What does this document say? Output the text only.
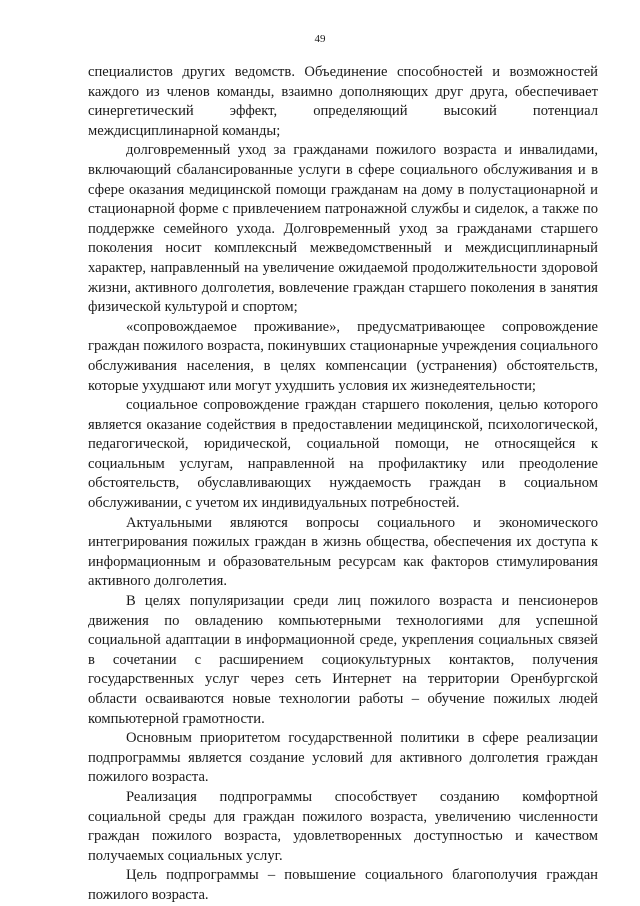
49

специалистов других ведомств. Объединение способностей и возможностей каждого из членов команды, взаимно дополняющих друг друга, обеспечивает синергетический эффект, определяющий высокий потенциал междисциплинарной команды;

долговременный уход за гражданами пожилого возраста и инвалидами, включающий сбалансированные услуги в сфере социального обслуживания и в сфере оказания медицинской помощи гражданам на дому в полустационарной и стационарной форме с привлечением патронажной службы и сиделок, а также по поддержке семейного ухода. Долговременный уход за гражданами старшего поколения носит комплексный межведомственный и междисциплинарный характер, направленный на увеличение ожидаемой продолжительности здоровой жизни, активного долголетия, вовлечение граждан старшего поколения в занятия физической культурой и спортом;

«сопровождаемое проживание», предусматривающее сопровождение граждан пожилого возраста, покинувших стационарные учреждения социального обслуживания населения, в целях компенсации (устранения) обстоятельств, которые ухудшают или могут ухудшить условия их жизнедеятельности;

социальное сопровождение граждан старшего поколения, целью которого является оказание содействия в предоставлении медицинской, психологической, педагогической, юридической, социальной помощи, не относящейся к социальным услугам, направленной на профилактику или преодоление обстоятельств, обуславливающих нуждаемость граждан в социальном обслуживании, с учетом их индивидуальных потребностей.

Актуальными являются вопросы социального и экономического интегрирования пожилых граждан в жизнь общества, обеспечения их доступа к информационным и образовательным ресурсам как факторов стимулирования активного долголетия.

В целях популяризации среди лиц пожилого возраста и пенсионеров движения по овладению компьютерными технологиями для успешной социальной адаптации в информационной среде, укрепления социальных связей в сочетании с расширением социокультурных контактов, получения государственных услуг через сеть Интернет на территории Оренбургской области осваиваются новые технологии работы – обучение пожилых людей компьютерной грамотности.

Основным приоритетом государственной политики в сфере реализации подпрограммы является создание условий для активного долголетия граждан пожилого возраста.

Реализация подпрограммы способствует созданию комфортной социальной среды для граждан пожилого возраста, увеличению численности граждан пожилого возраста, удовлетворенных доступностью и качеством получаемых социальных услуг.

Цель подпрограммы – повышение социального благополучия граждан пожилого возраста.
